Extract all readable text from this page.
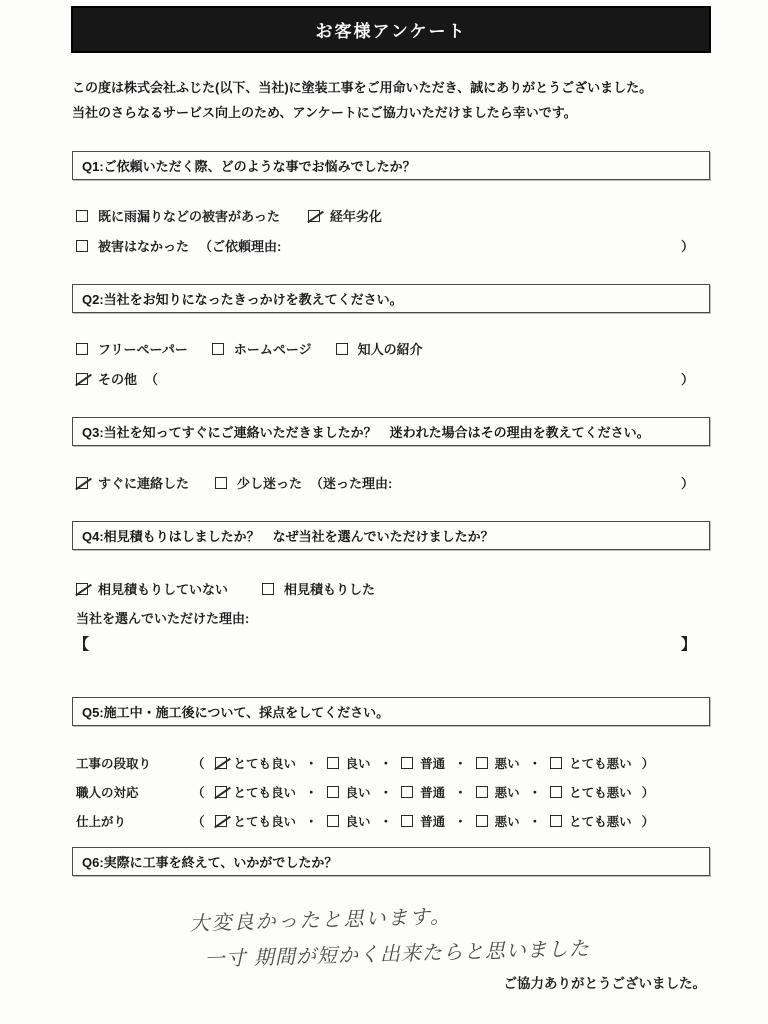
お客様アンケート
この度は株式会社ふじた(以下、当社)に塗装工事をご用命いただき、誠にありがとうございました。
当社のさらなるサービス向上のため、アンケートにご協力いただけましたら幸いです。
Q1:ご依頼いただく際、どのような事でお悩みでしたか？
既に雨漏りなどの被害があった	経年劣化
被害はなかった （ご依頼理由:	）
Q2:当社をお知りになったきっかけを教えてください。
フリーペーパー	ホームページ	知人の紹介
その他 （	）
Q3:当社を知ってすぐにご連絡いただきましたか？　迷われた場合はその理由を教えてください。
すぐに連絡した	少し迷った （迷った理由:	）
Q4:相見積もりはしましたか？　なぜ当社を選んでいただけましたか？
相見積もりしていない	相見積もりした
当社を選んでいただけた理由:
【	】
Q5:施工中・施工後について、採点をしてください。
工事の段取り	（ とても良い ・ 良い ・ 普通 ・ 悪い ・ とても悪い ）
職人の対応	（ とても良い ・ 良い ・ 普通 ・ 悪い ・ とても悪い ）
仕上がり	（ とても良い ・ 良い ・ 普通 ・ 悪い ・ とても悪い ）
Q6:実際に工事を終えて、いかがでしたか？
大変良かったと思います。
一寸 期間が短かく出来たらと思いました
ご協力ありがとうございました。
